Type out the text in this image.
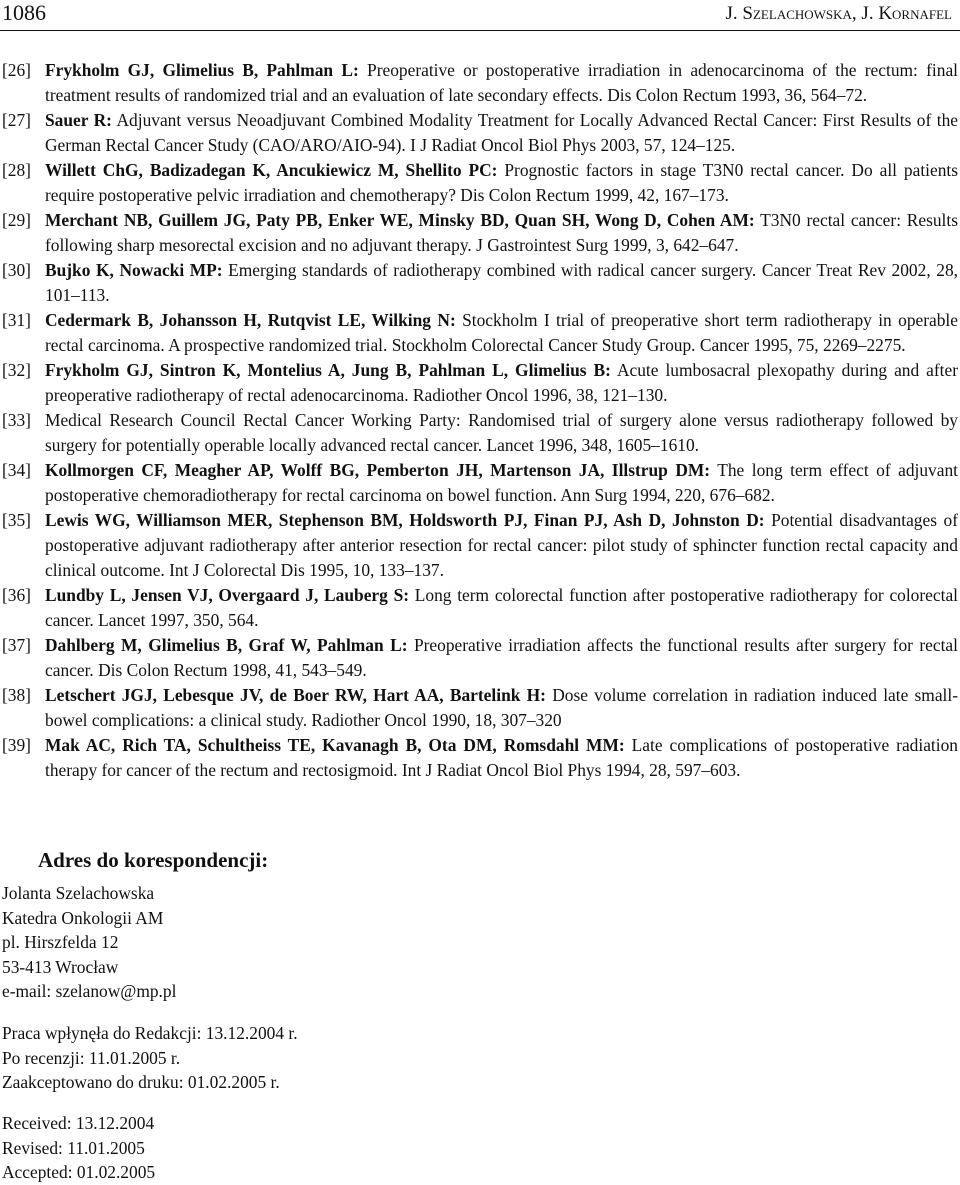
1086	J. Szelachowska, J. Kornafel
[26] Frykholm GJ, Glimelius B, Pahlman L: Preoperative or postoperative irradiation in adenocarcinoma of the rectum: final treatment results of randomized trial and an evaluation of late secondary effects. Dis Colon Rectum 1993, 36, 564–72.
[27] Sauer R: Adjuvant versus Neoadjuvant Combined Modality Treatment for Locally Advanced Rectal Cancer: First Results of the German Rectal Cancer Study (CAO/ARO/AIO-94). I J Radiat Oncol Biol Phys 2003, 57, 124–125.
[28] Willett ChG, Badizadegan K, Ancukiewicz M, Shellito PC: Prognostic factors in stage T3N0 rectal cancer. Do all patients require postoperative pelvic irradiation and chemotherapy? Dis Colon Rectum 1999, 42, 167–173.
[29] Merchant NB, Guillem JG, Paty PB, Enker WE, Minsky BD, Quan SH, Wong D, Cohen AM: T3N0 rectal cancer: Results following sharp mesorectal excision and no adjuvant therapy. J Gastrointest Surg 1999, 3, 642–647.
[30] Bujko K, Nowacki MP: Emerging standards of radiotherapy combined with radical cancer surgery. Cancer Treat Rev 2002, 28, 101–113.
[31] Cedermark B, Johansson H, Rutqvist LE, Wilking N: Stockholm I trial of preoperative short term radiotherapy in operable rectal carcinoma. A prospective randomized trial. Stockholm Colorectal Cancer Study Group. Cancer 1995, 75, 2269–2275.
[32] Frykholm GJ, Sintron K, Montelius A, Jung B, Pahlman L, Glimelius B: Acute lumbosacral plexopathy during and after preoperative radiotherapy of rectal adenocarcinoma. Radiother Oncol 1996, 38, 121–130.
[33] Medical Research Council Rectal Cancer Working Party: Randomised trial of surgery alone versus radiotherapy followed by surgery for potentially operable locally advanced rectal cancer. Lancet 1996, 348, 1605–1610.
[34] Kollmorgen CF, Meagher AP, Wolff BG, Pemberton JH, Martenson JA, Illstrup DM: The long term effect of adjuvant postoperative chemoradiotherapy for rectal carcinoma on bowel function. Ann Surg 1994, 220, 676–682.
[35] Lewis WG, Williamson MER, Stephenson BM, Holdsworth PJ, Finan PJ, Ash D, Johnston D: Potential disadvantages of postoperative adjuvant radiotherapy after anterior resection for rectal cancer: pilot study of sphincter function rectal capacity and clinical outcome. Int J Colorectal Dis 1995, 10, 133–137.
[36] Lundby L, Jensen VJ, Overgaard J, Lauberg S: Long term colorectal function after postoperative radiotherapy for colorectal cancer. Lancet 1997, 350, 564.
[37] Dahlberg M, Glimelius B, Graf W, Pahlman L: Preoperative irradiation affects the functional results after surgery for rectal cancer. Dis Colon Rectum 1998, 41, 543–549.
[38] Letschert JGJ, Lebesque JV, de Boer RW, Hart AA, Bartelink H: Dose volume correlation in radiation induced late small-bowel complications: a clinical study. Radiother Oncol 1990, 18, 307–320
[39] Mak AC, Rich TA, Schultheiss TE, Kavanagh B, Ota DM, Romsdahl MM: Late complications of postoperative radiation therapy for cancer of the rectum and rectosigmoid. Int J Radiat Oncol Biol Phys 1994, 28, 597–603.
Adres do korespondencji:
Jolanta Szelachowska
Katedra Onkologii AM
pl. Hirszfelda 12
53-413 Wrocław
e-mail: szelanow@mp.pl
Praca wpłynęła do Redakcji: 13.12.2004 r.
Po recenzji: 11.01.2005 r.
Zaakceptowano do druku: 01.02.2005 r.
Received: 13.12.2004
Revised: 11.01.2005
Accepted: 01.02.2005
